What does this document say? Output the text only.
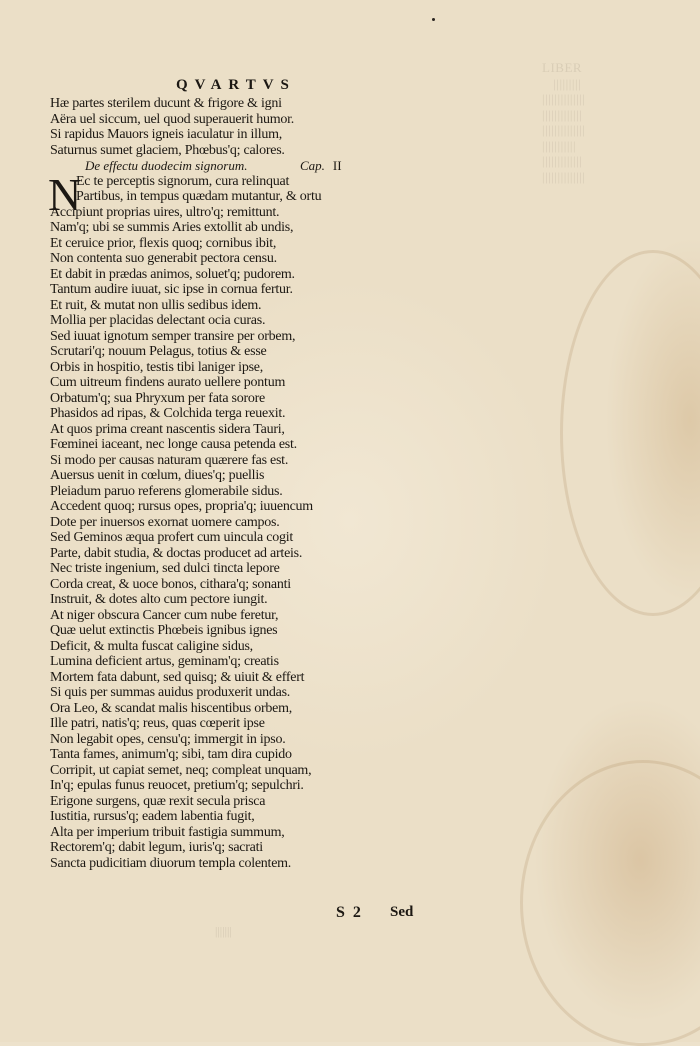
LIBER
|||||||||
||||||||||||||
|||||||||||||
||||||||||||||
|||||||||||
|||||||||||||
||||||||||||||
QVARTVS
Hæ partes sterilem ducunt & frigore & igni
Aëra uel siccum, uel quod superauerit humor.
Si rapidus Mauors igneis iaculatur in illum,
Saturnus sumet glaciem, Phœbus'q; calores.
De effectu duodecim signorum.	Cap. II
N
Ec te perceptis signorum, cura relinquat
Partibus, in tempus quædam mutantur, & ortu
Accipiunt proprias uires, ultro'q; remittunt.
Nam'q; ubi se summis Aries extollit ab undis,
Et ceruice prior, flexis quoq; cornibus ibit,
Non contenta suo generabit pectora censu.
Et dabit in prædas animos, soluet'q; pudorem.
Tantum audire iuuat, sic ipse in cornua fertur.
Et ruit, & mutat non ullis sedibus idem.
Mollia per placidas delectant ocia curas.
Sed iuuat ignotum semper transire per orbem,
Scrutari'q; nouum Pelagus, totius & esse
Orbis in hospitio, testis tibi laniger ipse,
Cum uitreum findens aurato uellere pontum
Orbatum'q; sua Phryxum per fata sorore
Phasidos ad ripas, & Colchida terga reuexit.
At quos prima creant nascentis sidera Tauri,
Fœminei iaceant, nec longe causa petenda est.
Si modo per causas naturam quærere fas est.
Auersus uenit in cœlum, diues'q; puellis
Pleiadum paruo referens glomerabile sidus.
Accedent quoq; rursus opes, propria'q; iuuencum
Dote per inuersos exornat uomere campos.
Sed Geminos æqua profert cum uincula cogit
Parte, dabit studia, & doctas producet ad arteis.
Nec triste ingenium, sed dulci tincta lepore
Corda creat, & uoce bonos, cithara'q; sonanti
Instruit, & dotes alto cum pectore iungit.
At niger obscura Cancer cum nube feretur,
Quæ uelut extinctis Phœbeis ignibus ignes
Deficit, & multa fuscat caligine sidus,
Lumina deficient artus, geminam'q; creatis
Mortem fata dabunt, sed quisq; & uiuit & effert
Si quis per summas auidus produxerit undas.
Ora Leo, & scandat malis hiscentibus orbem,
Ille patri, natis'q; reus, quas cœperit ipse
Non legabit opes, censu'q; immergit in ipso.
Tanta fames, animum'q; sibi, tam dira cupido
Corripit, ut capiat semet, neq; compleat unquam,
In'q; epulas funus reuocet, pretium'q; sepulchri.
Erigone surgens, quæ rexit secula prisca
Iustitia, rursus'q; eadem labentia fugit,
Alta per imperium tribuit fastigia summum,
Rectorem'q; dabit legum, iuris'q; sacrati
Sancta pudicitiam diuorum templa colentem.
S 2 Sed
|||||||
